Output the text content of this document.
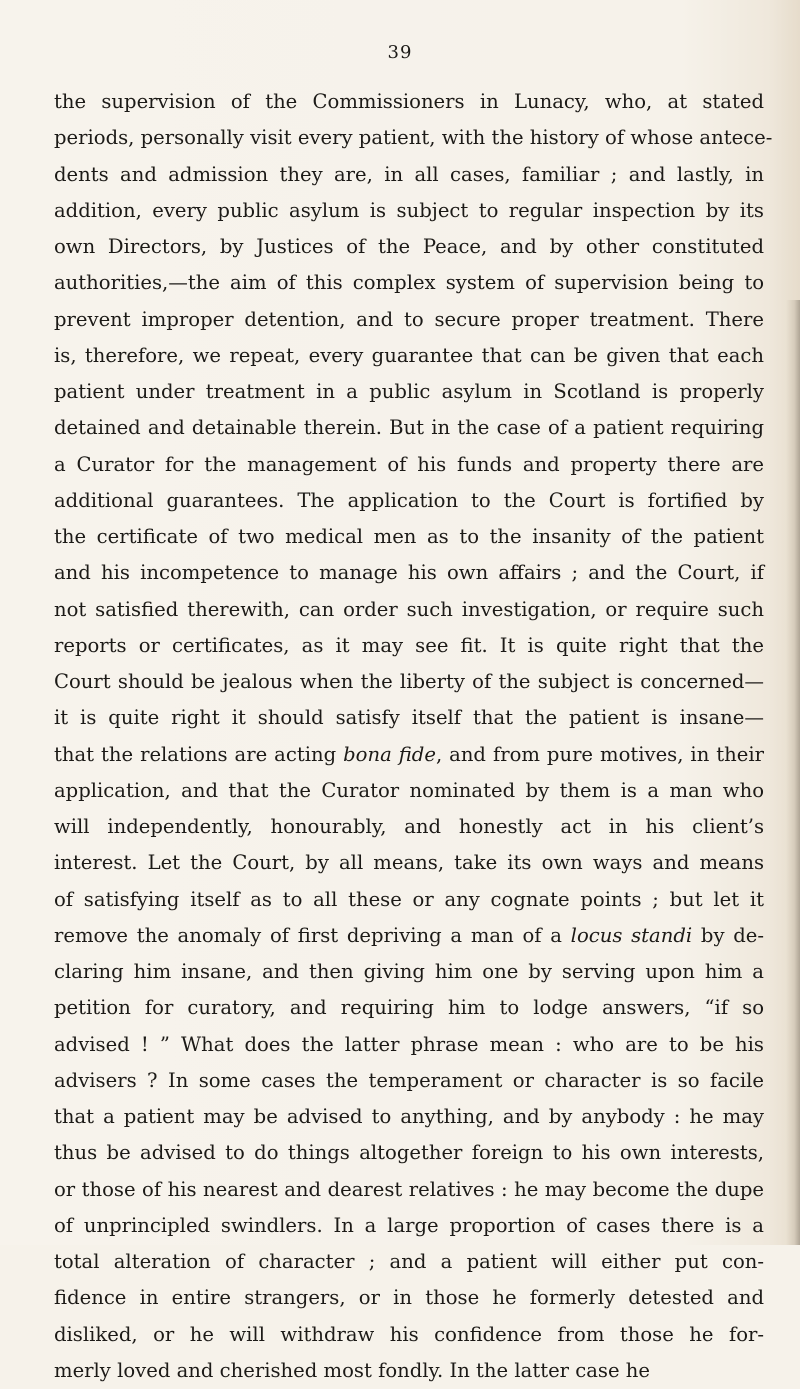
39
the supervision of the Commissioners in Lunacy, who, at stated
periods, personally visit every patient, with the history of whose antece-
dents and admission they are, in all cases, familiar ; and lastly, in
addition, every public asylum is subject to regular inspection by its
own Directors, by Justices of the Peace, and by other constituted
authorities,—the aim of this complex system of supervision being to
prevent improper detention, and to secure proper treatment. There
is, therefore, we repeat, every guarantee that can be given that each
patient under treatment in a public asylum in Scotland is properly
detained and detainable therein. But in the case of a patient requiring
a Curator for the management of his funds and property there are
additional guarantees. The application to the Court is fortified by
the certificate of two medical men as to the insanity of the patient
and his incompetence to manage his own affairs ; and the Court, if
not satisfied therewith, can order such investigation, or require such
reports or certificates, as it may see fit. It is quite right that the
Court should be jealous when the liberty of the subject is concerned—
it is quite right it should satisfy itself that the patient is insane—
that the relations are acting bona fide, and from pure motives, in their
application, and that the Curator nominated by them is a man who
will independently, honourably, and honestly act in his client’s
interest. Let the Court, by all means, take its own ways and means
of satisfying itself as to all these or any cognate points ; but let it
remove the anomaly of first depriving a man of a locus standi by de-
claring him insane, and then giving him one by serving upon him a
petition for curatory, and requiring him to lodge answers, “if so
advised ! ” What does the latter phrase mean : who are to be his
advisers ? In some cases the temperament or character is so facile
that a patient may be advised to anything, and by anybody : he may
thus be advised to do things altogether foreign to his own interests,
or those of his nearest and dearest relatives : he may become the dupe
of unprincipled swindlers. In a large proportion of cases there is a
total alteration of character ; and a patient will either put con-
fidence in entire strangers, or in those he formerly detested and
disliked, or he will withdraw his confidence from those he for-
merly loved and cherished most fondly. In the latter case he
